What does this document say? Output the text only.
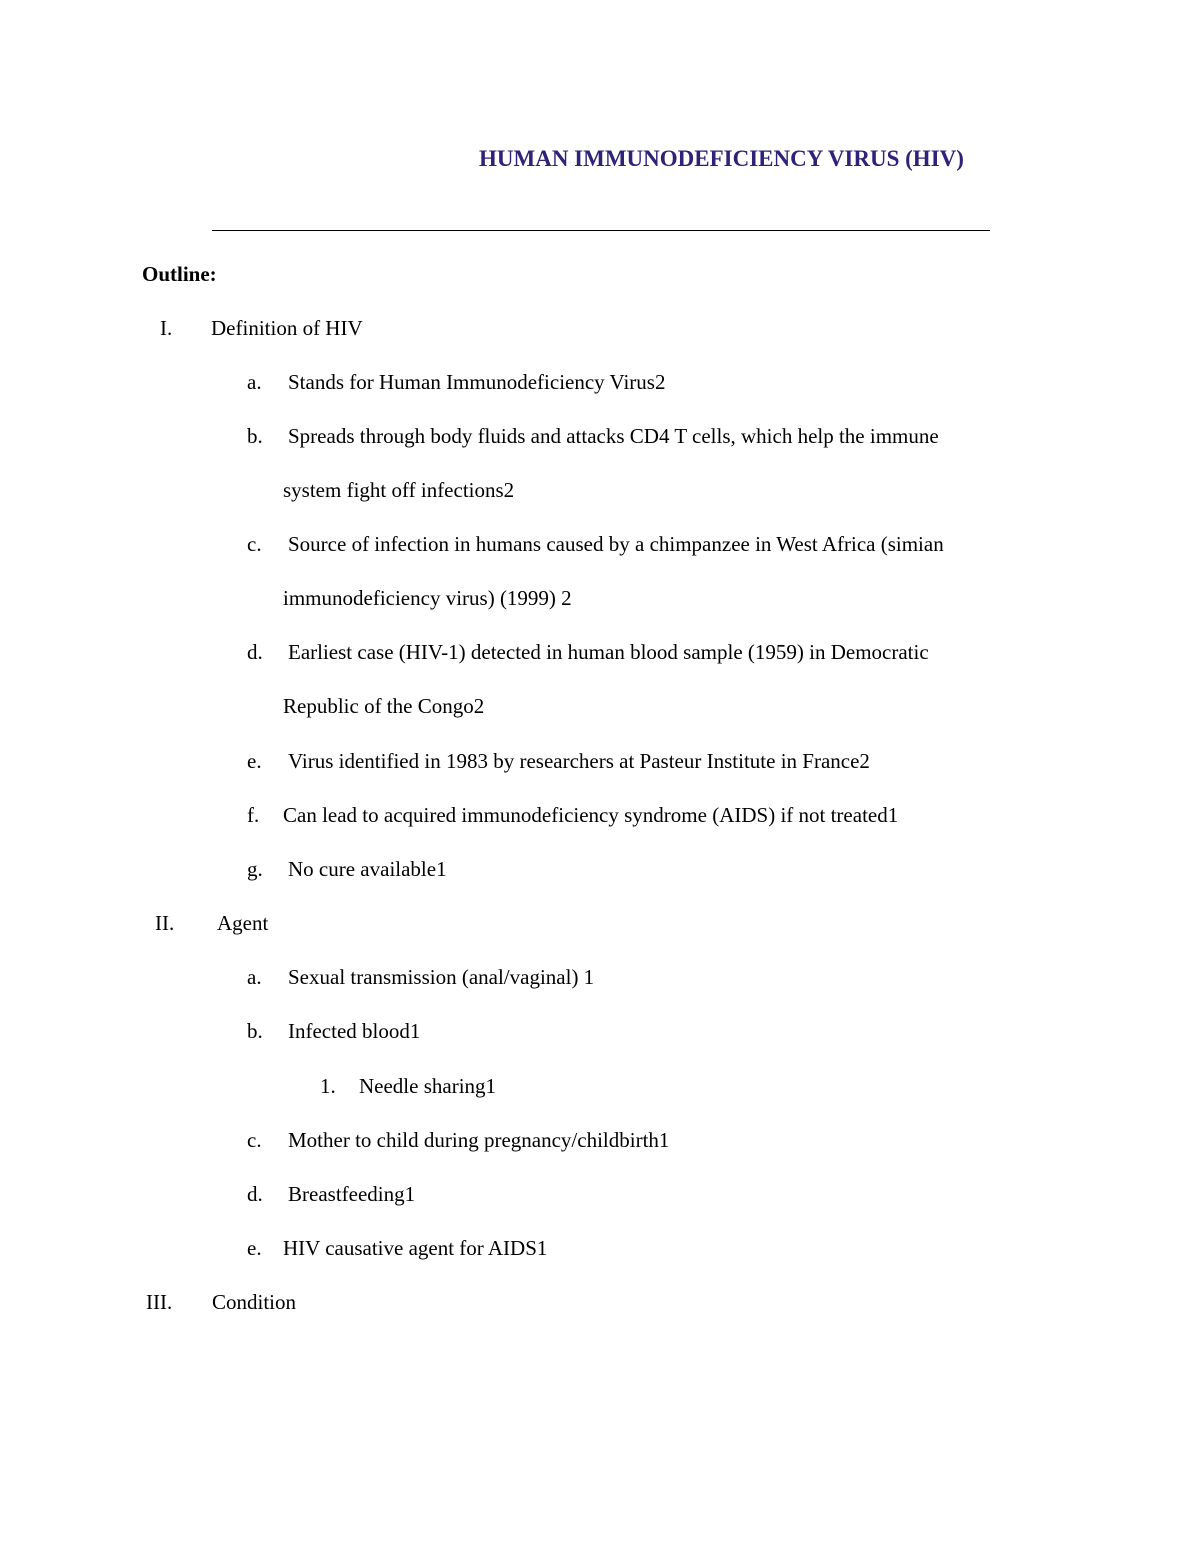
HUMAN IMMUNODEFICIENCY VIRUS (HIV)
Outline:
I. Definition of HIV
a. Stands for Human Immunodeficiency Virus2
b. Spreads through body fluids and attacks CD4 T cells, which help the immune
system fight off infections2
c. Source of infection in humans caused by a chimpanzee in West Africa (simian
immunodeficiency virus) (1999) 2
d. Earliest case (HIV-1) detected in human blood sample (1959) in Democratic
Republic of the Congo2
e. Virus identified in 1983 by researchers at Pasteur Institute in France2
f. Can lead to acquired immunodeficiency syndrome (AIDS) if not treated1
g. No cure available1
II. Agent
a. Sexual transmission (anal/vaginal) 1
b. Infected blood1
1. Needle sharing1
c. Mother to child during pregnancy/childbirth1
d. Breastfeeding1
e. HIV causative agent for AIDS1
III. Condition
